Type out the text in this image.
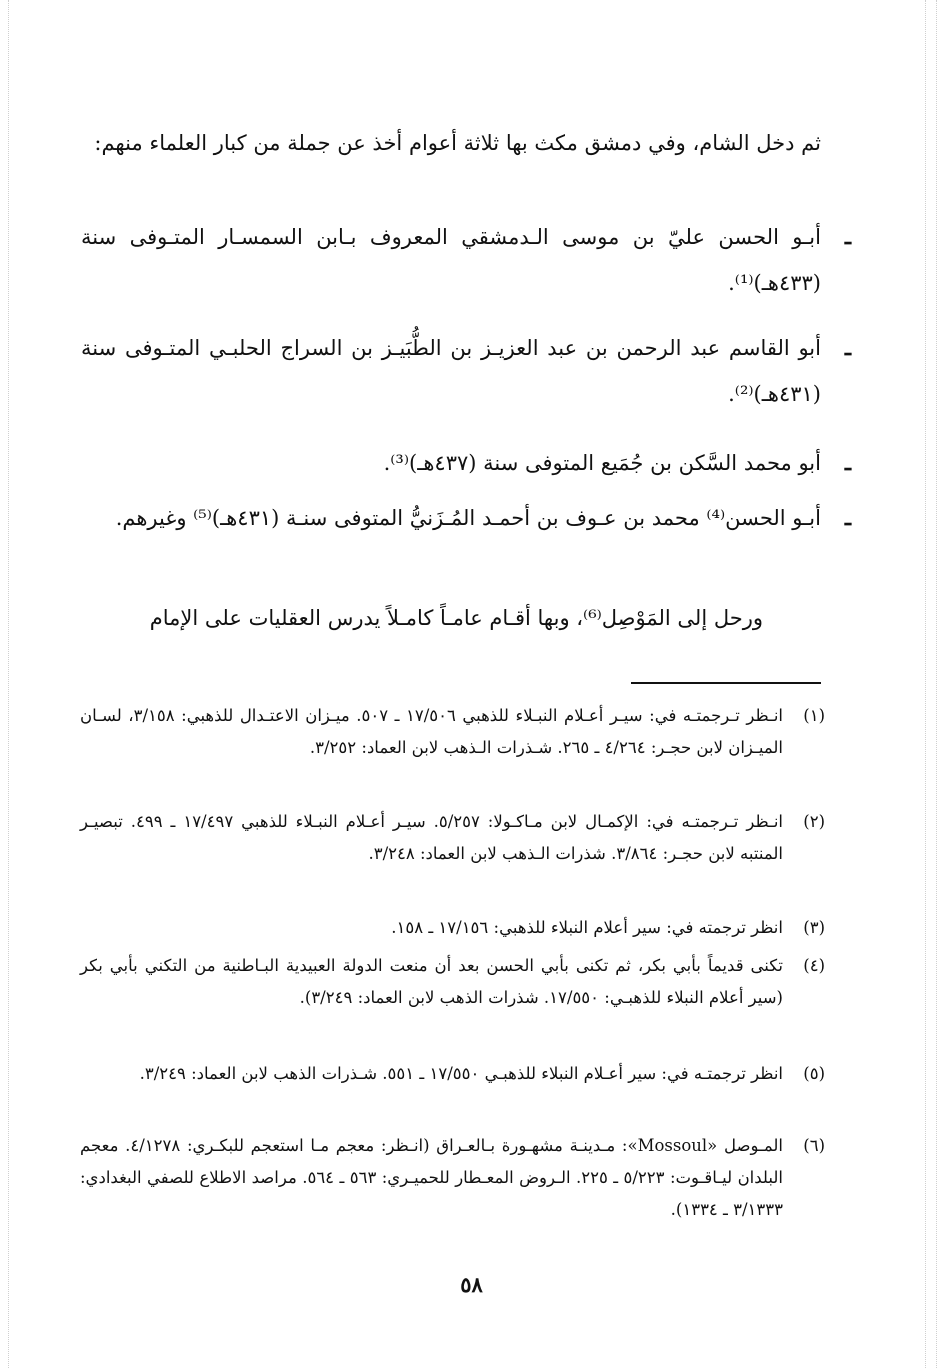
ثم دخل الشام، وفي دمشق مكث بها ثلاثة أعوام أخذ عن جملة من كبار العلماء منهم:

ـ
أبـو الحسن عليّ بن موسى الـدمشقي المعروف بـابن السمسـار المتـوفى سنة (٤٣٣هـ)⁽¹⁾.
ـ
أبو القاسم عبد الرحمن بن عبد العزيـز بن الطُّبَيـز بن السراج الحلبـي المتـوفى سنة (٤٣١هـ)⁽²⁾.
ـ
أبو محمد السَّكن بن جُمَيع المتوفى سنة (٤٣٧هـ)⁽³⁾.
ـ
أبـو الحسن⁽⁴⁾ محمد بن عـوف بن أحمـد المُـزَنيُّ المتوفى سنـة (٤٣١هـ)⁽⁵⁾ وغيرهم.

ورحل إلى المَوْصِل⁽⁶⁾، وبها أقـام عامـاً كامـلاً يدرس العقليات على الإمام

(١)
انـظر تـرجمتـه في: سيـر أعـلام النبـلاء للذهبي ١٧/٥٠٦ ـ ٥٠٧. ميـزان الاعتـدال للذهبي: ٣/١٥٨، لسـان الميـزان لابن حجـر: ٤/٢٦٤ ـ ٢٦٥. شـذرات الـذهب لابن العماد: ٣/٢٥٢.
(٢)
انـظر تـرجمتـه في: الإكمـال لابن مـاكـولا: ٥/٢٥٧. سيـر أعـلام النبـلاء للذهبي ١٧/٤٩٧ ـ ٤٩٩. تبصيـر المنتبه لابن حجـر: ٣/٨٦٤. شذرات الـذهب لابن العماد: ٣/٢٤٨.
(٣)
انظر ترجمته في: سير أعلام النبلاء للذهبي: ١٧/١٥٦ ـ ١٥٨.
(٤)
تكنى قديماً بأبي بكر، ثم تكنى بأبي الحسن بعد أن منعت الدولة العبيدية البـاطنية من التكني بأبي بكر (سير أعلام النبلاء للذهبـي: ١٧/٥٥٠. شذرات الذهب لابن العماد: ٣/٢٤٩).
(٥)
انظر ترجمتـه في: سير أعـلام النبلاء للذهبـي ١٧/٥٥٠ ـ ٥٥١. شـذرات الذهب لابن العماد: ٣/٢٤٩.
(٦)
المـوصل «Mossoul»: مـدينـة مشهـورة بـالعـراق (انـظر: معجم مـا استعجم للبكـري: ٤/١٢٧٨. معجم البلدان ليـاقـوت: ٥/٢٢٣ ـ ٢٢٥. الـروض المعـطار للحميـري: ٥٦٣ ـ ٥٦٤. مراصد الاطلاع للصفي البغدادي: ٣/١٣٣٣ ـ ١٣٣٤).
٥٨
